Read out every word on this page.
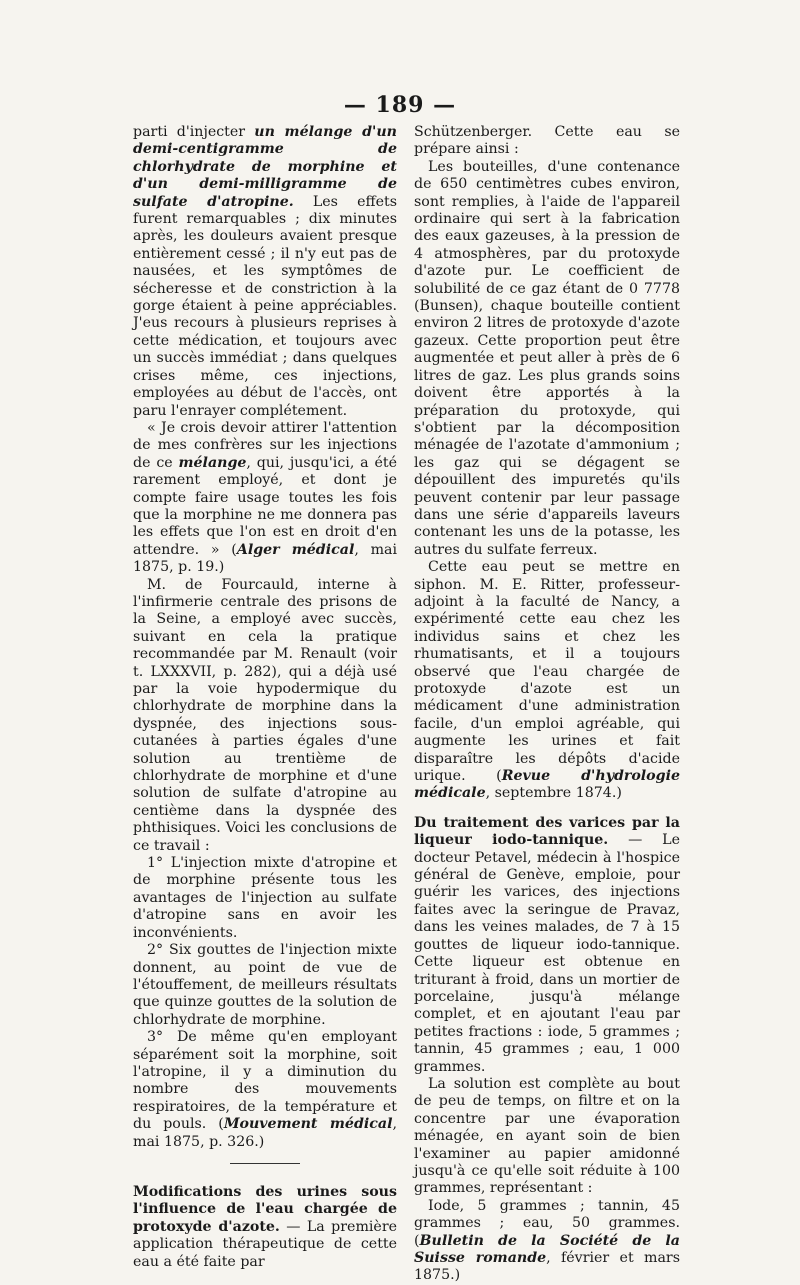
— 189 —

parti d'injecter un mélange d'un demi-centigramme de chlorhydrate de morphine et d'un demi-milligramme de sulfate d'atropine. Les effets furent remarquables ; dix minutes après, les douleurs avaient presque entièrement cessé ; il n'y eut pas de nausées, et les symptômes de sécheresse et de constriction à la gorge étaient à peine appréciables. J'eus recours à plusieurs reprises à cette médication, et toujours avec un succès immédiat ; dans quelques crises même, ces injections, employées au début de l'accès, ont paru l'enrayer complétement.

« Je crois devoir attirer l'attention de mes confrères sur les injections de ce mélange, qui, jusqu'ici, a été rarement employé, et dont je compte faire usage toutes les fois que la morphine ne me donnera pas les effets que l'on est en droit d'en attendre. » (Alger médical, mai 1875, p. 19.)

M. de Fourcauld, interne à l'infirmerie centrale des prisons de la Seine, a employé avec succès, suivant en cela la pratique recommandée par M. Renault (voir t. LXXXVII, p. 282), qui a déjà usé par la voie hypodermique du chlorhydrate de morphine dans la dyspnée, des injections sous-cutanées à parties égales d'une solution au trentième de chlorhydrate de morphine et d'une solution de sulfate d'atropine au centième dans la dyspnée des phthisiques. Voici les conclusions de ce travail :

1° L'injection mixte d'atropine et de morphine présente tous les avantages de l'injection au sulfate d'atropine sans en avoir les inconvénients.

2° Six gouttes de l'injection mixte donnent, au point de vue de l'étouffement, de meilleurs résultats que quinze gouttes de la solution de chlorhydrate de morphine.

3° De même qu'en employant séparément soit la morphine, soit l'atropine, il y a diminution du nombre des mouvements respiratoires, de la température et du pouls. (Mouvement médical, mai 1875, p. 326.)

Modifications des urines sous l'influence de l'eau chargée de protoxyde d'azote. — La première application thérapeutique de cette eau a été faite par

Schützenberger. Cette eau se prépare ainsi :

Les bouteilles, d'une contenance de 650 centimètres cubes environ, sont remplies, à l'aide de l'appareil ordinaire qui sert à la fabrication des eaux gazeuses, à la pression de 4 atmosphères, par du protoxyde d'azote pur. Le coefficient de solubilité de ce gaz étant de 0 7778 (Bunsen), chaque bouteille contient environ 2 litres de protoxyde d'azote gazeux. Cette proportion peut être augmentée et peut aller à près de 6 litres de gaz. Les plus grands soins doivent être apportés à la préparation du protoxyde, qui s'obtient par la décomposition ménagée de l'azotate d'ammonium ; les gaz qui se dégagent se dépouillent des impuretés qu'ils peuvent contenir par leur passage dans une série d'appareils laveurs contenant les uns de la potasse, les autres du sulfate ferreux.

Cette eau peut se mettre en siphon. M. E. Ritter, professeur-adjoint à la faculté de Nancy, a expérimenté cette eau chez les individus sains et chez les rhumatisants, et il a toujours observé que l'eau chargée de protoxyde d'azote est un médicament d'une administration facile, d'un emploi agréable, qui augmente les urines et fait disparaître les dépôts d'acide urique. (Revue d'hydrologie médicale, septembre 1874.)

Du traitement des varices par la liqueur iodo-tannique. — Le docteur Petavel, médecin à l'hospice général de Genève, emploie, pour guérir les varices, des injections faites avec la seringue de Pravaz, dans les veines malades, de 7 à 15 gouttes de liqueur iodo-tannique. Cette liqueur est obtenue en triturant à froid, dans un mortier de porcelaine, jusqu'à mélange complet, et en ajoutant l'eau par petites fractions : iode, 5 grammes ; tannin, 45 grammes ; eau, 1 000 grammes.

La solution est complète au bout de peu de temps, on filtre et on la concentre par une évaporation ménagée, en ayant soin de bien l'examiner au papier amidonné jusqu'à ce qu'elle soit réduite à 100 grammes, représentant :

Iode, 5 grammes ; tannin, 45 grammes ; eau, 50 grammes. (Bulletin de la Société de la Suisse romande, février et mars 1875.)
